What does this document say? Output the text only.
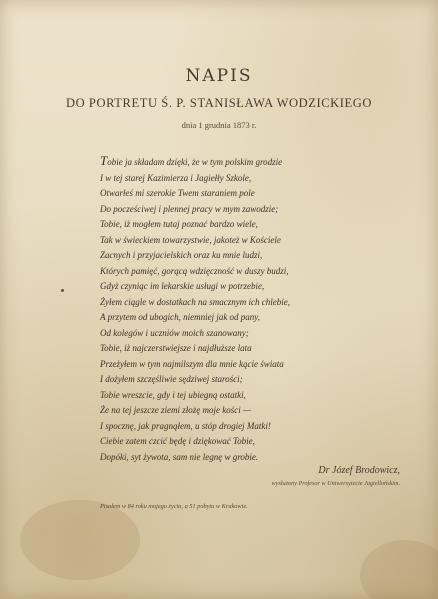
NAPIS
DO PORTRETU Ś. P. STANISŁAWA WODZICKIEGO
dnia 1 grudnia 1873 r.
Tobie ja składam dzięki, że w tym polskim grodzie
I w tej starej Kazimierza i Jagiełły Szkole,
Otwarłeś mi szerokie Twem staraniem pole
Do pocześciwej i plennej pracy w mym zawodzie;
Tobie, iż mogłem tutaj poznać bardzo wiele,
Tak w świeckiem towarzystwie, jakoteż w Kościele
Zacnych i przyjacielskich oraz ku mnie ludzi,
Których pamięć, gorącą wdzięczność w duszy budzi,
Gdyż czyniąc im lekarskie usługi w potrzebie,
Żyłem ciągle w dostatkach na smacznym ich chlebie,
A przytem od ubogich, niemniej jak od pany,
Od kolegów i uczniów moich szanowany;
Tobie, iż najczerstwiejsze i najdłuższe lata
Przeżyłem w tym najmilszym dla mnie kącie świata
I dożyłem szczęśliwie sędziwej starości;
Tobie wreszcie, gdy i tej ubiegną ostatki,
Że na tej jeszcze ziemi złożę moje kości —
I spocznę, jak pragnąłem, u stóp drogiej Matki!
Ciebie zatem czcić będę i dziękować Tobie,
Dopóki, syt żywota, sam nie legnę w grobie.
Dr Józef Brodowicz,
wysłużony Profesor w Uniwersytecie Jagiellońskim.
Pisałem w 84 roku mojego życia, a 51 pobytu w Krakowie.
